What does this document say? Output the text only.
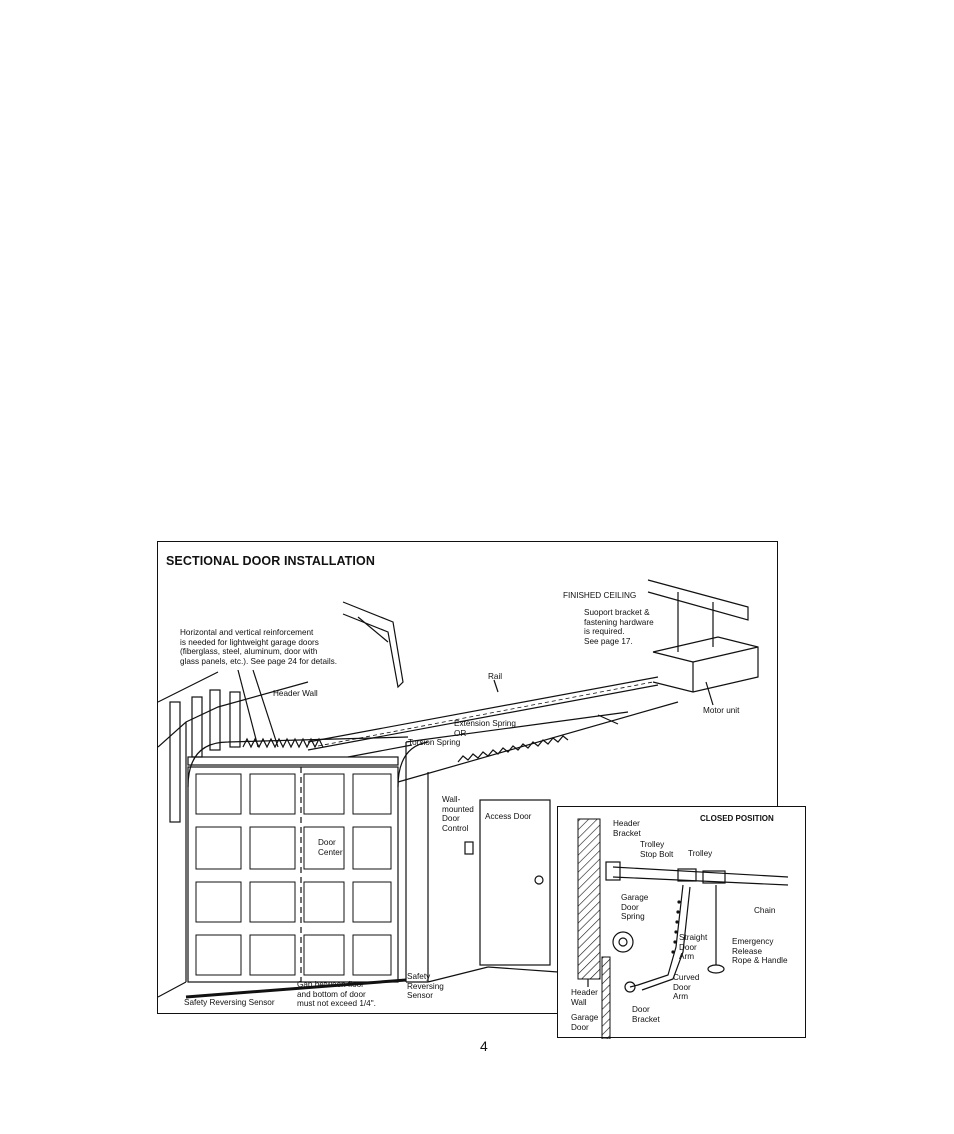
SECTIONAL DOOR INSTALLATION
FINISHED CEILING
Suoport bracket &
fastening hardware
is required.
See page 17.
Horizontal and vertical reinforcement
is needed for lightweight garage doors
(fiberglass, steel, aluminum, door with
glass panels, etc.). See page 24 for details.
Header Wall
Rail
Motor unit
Extension Spring
OR
Torsion Spring
Wall-
mounted
Door
Control
Access Door
Door
Center
Safety Reversing Sensor
Gap between floor
and bottom of door
must not exceed 1/4".
Safety
Reversing
Sensor
CLOSED POSITION
Header
Bracket
Trolley
Stop Bolt Trolley
Chain
Garage
Door
Spring
Straight
Door
Arm
Emergency
Release
Rope & Handle
Curved
Door
Arm
Header
Wall
Door
Bracket
Garage
Door
4
